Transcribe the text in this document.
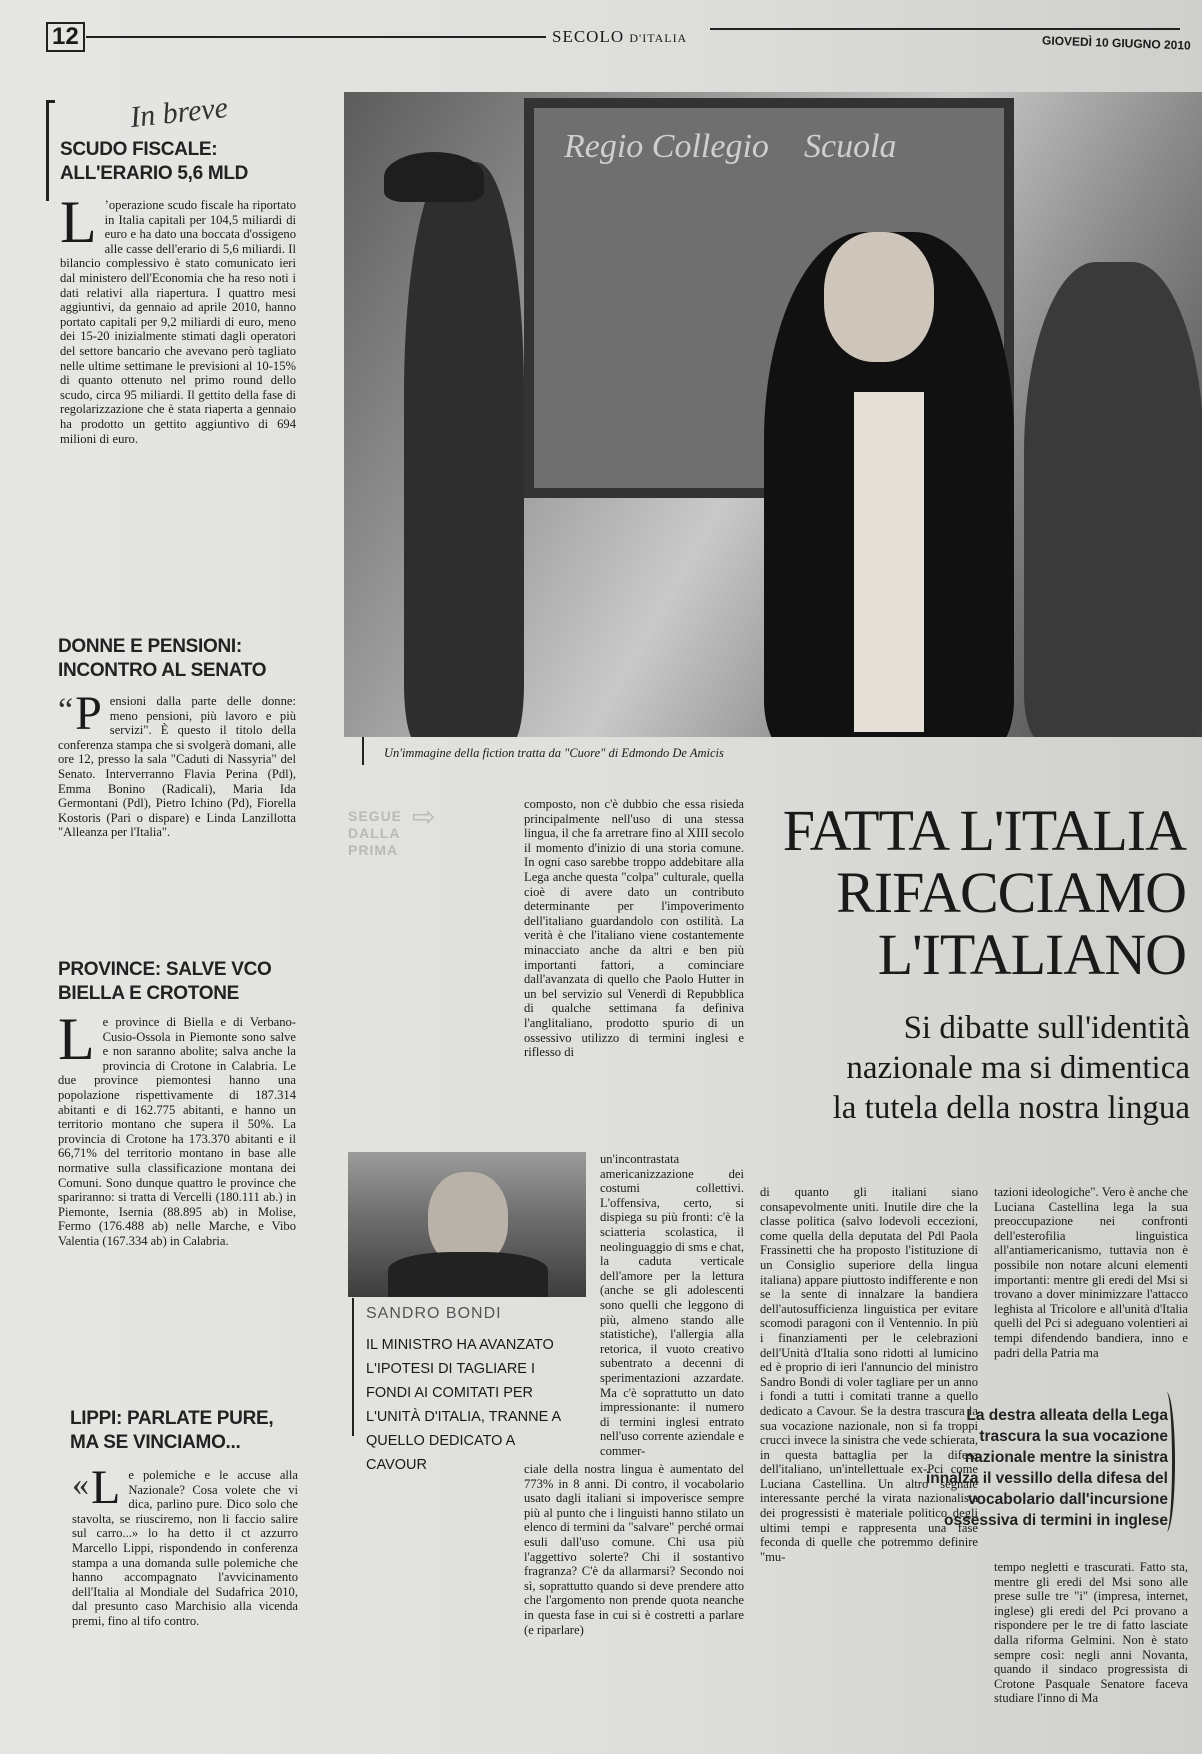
12	SECOLO D'ITALIA	GIOVEDÌ 10 GIUGNO 2010
In breve
SCUDO FISCALE: ALL'ERARIO 5,6 MLD
L ’operazione scudo fiscale ha riportato in Italia capitali per 104,5 miliardi di euro e ha dato una boccata d'ossigeno alle casse dell'erario di 5,6 miliardi. Il bilancio complessivo è stato comunicato ieri dal ministero dell'Economia che ha reso noti i dati relativi alla riapertura. I quattro mesi aggiuntivi, da gennaio ad aprile 2010, hanno portato capitali per 9,2 miliardi di euro, meno dei 15-20 inizialmente stimati dagli operatori del settore bancario che avevano però tagliato nelle ultime settimane le previsioni al 10-15% di quanto ottenuto nel primo round dello scudo, circa 95 miliardi. Il gettito della fase di regolarizzazione che è stata riaperta a gennaio ha prodotto un gettito aggiuntivo di 694 milioni di euro.
DONNE E PENSIONI: INCONTRO AL SENATO
“ P ensioni dalla parte delle donne: meno pensioni, più lavoro e più servizi". È questo il titolo della conferenza stampa che si svolgerà domani, alle ore 12, presso la sala "Caduti di Nassyria" del Senato. Interverranno Flavia Perina (Pdl), Emma Bonino (Radicali), Maria Ida Germontani (Pdl), Pietro Ichino (Pd), Fiorella Kostoris (Pari o dispare) e Linda Lanzillotta "Alleanza per l'Italia".
PROVINCE: SALVE VCO BIELLA E CROTONE
Le province di Biella e di Verbano-Cusio-Ossola in Piemonte sono salve e non saranno abolite; salva anche la provincia di Crotone in Calabria. Le due province piemontesi hanno una popolazione rispettivamente di 187.314 abitanti e di 162.775 abitanti, e hanno un territorio montano che supera il 50%. La provincia di Crotone ha 173.370 abitanti e il 66,71% del territorio montano in base alle normative sulla classificazione montana dei Comuni. Sono dunque quattro le province che spariranno: si tratta di Vercelli (180.111 ab.) in Piemonte, Isernia (88.895 ab) in Molise, Fermo (176.488 ab) nelle Marche, e Vibo Valentia (167.334 ab) in Calabria.
LIPPI: PARLATE PURE, MA SE VINCIAMO...
« L e polemiche e le accuse alla Nazionale? Cosa volete che vi dica, parlino pure. Dico solo che stavolta, se riusciremo, non li faccio salire sul carro...» lo ha detto il ct azzurro Marcello Lippi, rispondendo in conferenza stampa a una domanda sulle polemiche che hanno accompagnato l'avvicinamento dell'Italia al Mondiale del Sudafrica 2010, dal presunto caso Marchisio alla vicenda premi, fino al tifo contro.
Regio Collegio Scuola
Un'immagine della fiction tratta da "Cuore" di Edmondo De Amicis
SEGUE
DALLA
PRIMA
⇨	FATTA L'ITALIA
RIFACCIAMO
L'ITALIANO
Si dibatte sull'identità
nazionale ma si dimentica
la tutela della nostra lingua
composto, non c'è dubbio che essa risieda principalmente nell'uso di una stessa lingua, il che fa arretrare fino al XIII secolo il momento d'inizio di una storia comune. In ogni caso sarebbe troppo addebitare alla Lega anche questa "colpa" culturale, quella cioè di avere dato un contributo determinante per l'impoverimento dell'italiano guardandolo con ostilità. La verità è che l'italiano viene costantemente minacciato anche da altri e ben più importanti fattori, a cominciare dall'avanzata di quello che Paolo Hutter in un bel servizio sul Venerdì di Repubblica di qualche settimana fa definiva l'anglitaliano, prodotto spurio di un ossessivo utilizzo di termini inglesi e riflesso di
un'incontrastata americanizzazione dei costumi collettivi. L'offensiva, certo, si dispiega su più fronti: c'è la sciatteria scolastica, il neolinguaggio di sms e chat, la caduta verticale dell'amore per la lettura (anche se gli adolescenti sono quelli che leggono di più, almeno stando alle statistiche), l'allergia alla retorica, il vuoto creativo subentrato a decenni di sperimentazioni azzardate. Ma c'è soprattutto un dato impressionante: il numero di termini inglesi entrato nell'uso corrente aziendale e commer-
ciale della nostra lingua è aumentato del 773% in 8 anni. Di contro, il vocabolario usato dagli italiani si impoverisce sempre più al punto che i linguisti hanno stilato un elenco di termini da "salvare" perché ormai esuli dall'uso comune. Chi usa più l'aggettivo solerte? Chi il sostantivo fragranza? C'è da allarmarsi? Secondo noi sì, soprattutto quando si deve prendere atto che l'argomento non prende quota neanche in questa fase in cui si è costretti a parlare (e riparlare)
SANDRO BONDI
IL MINISTRO HA AVANZATO L'IPOTESI DI TAGLIARE I FONDI AI COMITATI PER L'UNITÀ D'ITALIA, TRANNE A QUELLO DEDICATO A CAVOUR
di quanto gli italiani siano consapevolmente uniti. Inutile dire che la classe politica (salvo lodevoli eccezioni, come quella della deputata del Pdl Paola Frassinetti che ha proposto l'istituzione di un Consiglio superiore della lingua italiana) appare piuttosto indifferente e non se la sente di innalzare la bandiera dell'autosufficienza linguistica per evitare scomodi paragoni con il Ventennio. In più i finanziamenti per le celebrazioni dell'Unità d'Italia sono ridotti al lumicino ed è proprio di ieri l'annuncio del ministro Sandro Bondi di voler tagliare per un anno i fondi a tutti i comitati tranne a quello dedicato a Cavour. Se la destra trascura la sua vocazione nazionale, non si fa troppi crucci invece la sinistra che vede schierata, in questa battaglia per la difesa dell'italiano, un'intellettuale ex-Pci come Luciana Castellina. Un altro segnale interessante perché la virata nazionalista dei progressisti è materiale politico degli ultimi tempi e rappresenta una fase feconda di quelle che potremmo definire "mu-
tazioni ideologiche". Vero è anche che Luciana Castellina lega la sua preoccupazione nei confronti dell'esterofilia linguistica all'antiamericanismo, tuttavia non è possibile non notare alcuni elementi importanti: mentre gli eredi del Msi si trovano a dover minimizzare l'attacco leghista al Tricolore e all'unità d'Italia quelli del Pci si adeguano volentieri ai tempi difendendo bandiera, inno e padri della Patria ma
La destra alleata della Lega trascura la sua vocazione nazionale mentre la sinistra innalza il vessillo della difesa del vocabolario dall'incursione ossessiva di termini in inglese
tempo negletti e trascurati. Fatto sta, mentre gli eredi del Msi sono alle prese sulle tre "i" (impresa, internet, inglese) gli eredi del Pci provano a rispondere per le tre di fatto lasciate dalla riforma Gelmini. Non è stato sempre così: negli anni Novanta, quando il sindaco progressista di Crotone Pasquale Senatore faceva studiare l'inno di Ma
